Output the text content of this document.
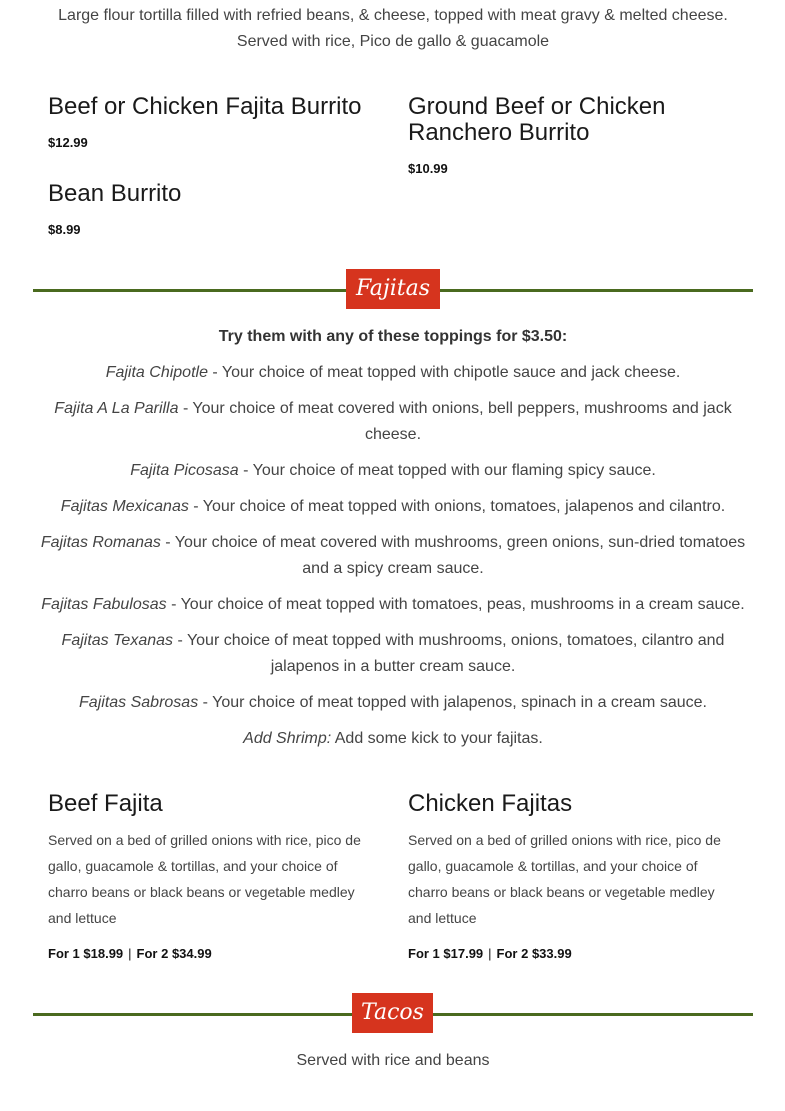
Large flour tortilla filled with refried beans, & cheese, topped with meat gravy & melted cheese.
Served with rice, Pico de gallo & guacamole
Beef or Chicken Fajita Burrito
$12.99
Ground Beef or Chicken
Ranchero Burrito
$10.99
Bean Burrito
$8.99
Fajitas
Try them with any of these toppings for $3.50:
Fajita Chipotle - Your choice of meat topped with chipotle sauce and jack cheese.
Fajita A La Parilla - Your choice of meat covered with onions, bell peppers, mushrooms and jack cheese.
Fajita Picosasa - Your choice of meat topped with our flaming spicy sauce.
Fajitas Mexicanas - Your choice of meat topped with onions, tomatoes, jalapenos and cilantro.
Fajitas Romanas - Your choice of meat covered with mushrooms, green onions, sun-dried tomatoes and a spicy cream sauce.
Fajitas Fabulosas - Your choice of meat topped with tomatoes, peas, mushrooms in a cream sauce.
Fajitas Texanas - Your choice of meat topped with mushrooms, onions, tomatoes, cilantro and jalapenos in a butter cream sauce.
Fajitas Sabrosas - Your choice of meat topped with jalapenos, spinach in a cream sauce.
Add Shrimp: Add some kick to your fajitas.
Beef Fajita
Served on a bed of grilled onions with rice, pico de gallo, guacamole & tortillas, and your choice of charro beans or black beans or vegetable medley and lettuce
For 1 $18.99 | For 2 $34.99
Chicken Fajitas
Served on a bed of grilled onions with rice, pico de gallo, guacamole & tortillas, and your choice of charro beans or black beans or vegetable medley and lettuce
For 1 $17.99 | For 2 $33.99
Tacos
Served with rice and beans
